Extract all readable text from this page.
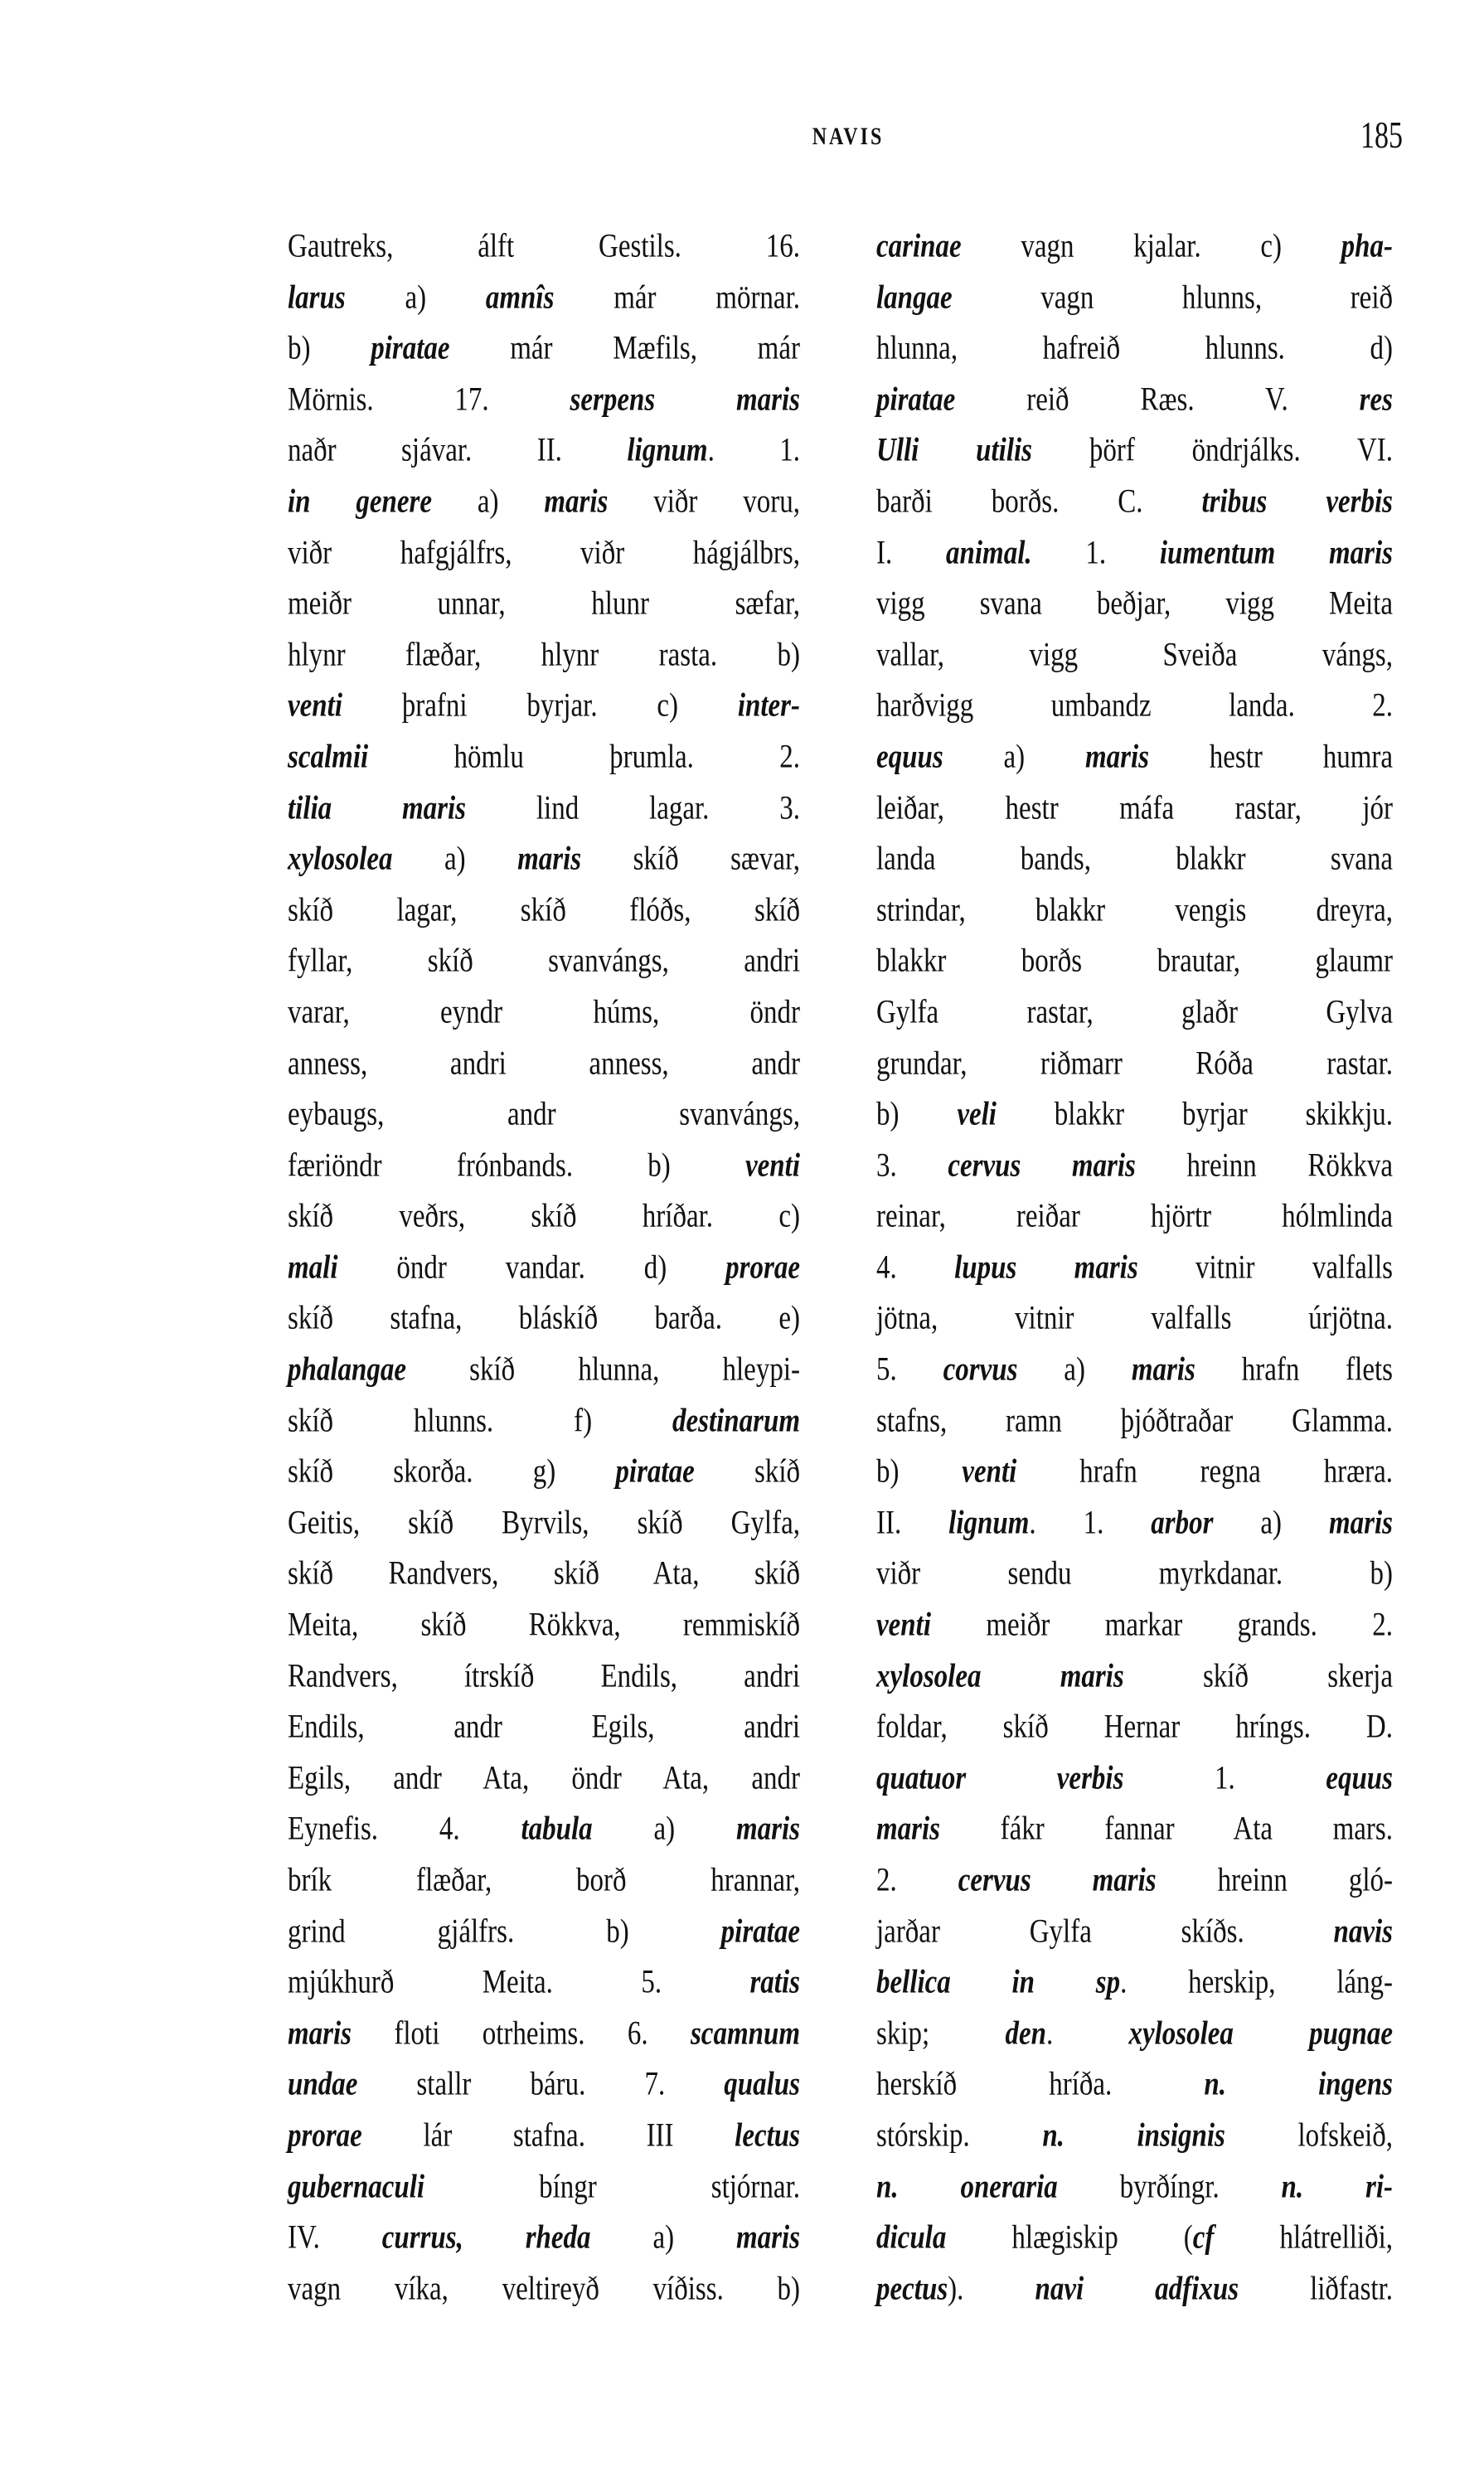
NAVIS	185
Gautreks, álft Gestils. 16.
larus a) amnîs már mörnar.
b) piratae már Mæfils, már
Mörnis. 17. serpens maris
naðr sjávar. II. lignum. 1.
in genere a) maris viðr voru,
viðr hafgjálfrs, viðr hágjálbrs,
meiðr unnar, hlunr sæfar,
hlynr flæðar, hlynr rasta. b)
venti þrafni byrjar. c) inter-
scalmii hömlu þrumla. 2.
tilia maris lind lagar. 3.
xylosolea a) maris skíð sævar,
skíð lagar, skíð flóðs, skíð
fyllar, skíð svanvángs, andri
varar, eyndr húms, öndr
anness, andri anness, andr
eybaugs, andr svanvángs,
færiöndr frónbands. b) venti
skíð veðrs, skíð hríðar. c)
mali öndr vandar. d) prorae
skíð stafna, bláskíð barða. e)
phalangae skíð hlunna, hleypi-
skíð hlunns. f) destinarum
skíð skorða. g) piratae skíð
Geitis, skíð Byrvils, skíð Gylfa,
skíð Randvers, skíð Ata, skíð
Meita, skíð Rökkva, remmiskíð
Randvers, ítrskíð Endils, andri
Endils, andr Egils, andri
Egils, andr Ata, öndr Ata, andr
Eynefis. 4. tabula a) maris
brík flæðar, borð hrannar,
grind gjálfrs. b) piratae
mjúkhurð Meita. 5. ratis
maris floti otrheims. 6. scamnum
undae stallr báru. 7. qualus
prorae lár stafna. III lectus
gubernaculi bíngr stjórnar.
IV. currus, rheda a) maris
vagn víka, veltireyð víðiss. b)
carinae vagn kjalar. c) pha-
langae vagn hlunns, reið
hlunna, hafreið hlunns. d)
piratae reið Ræs. V. res
Ulli utilis þörf öndrjálks. VI.
barði borðs. C. tribus verbis
I. animal. 1. iumentum maris
vigg svana beðjar, vigg Meita
vallar, vigg Sveiða vángs,
harðvigg umbandz landa. 2.
equus a) maris hestr humra
leiðar, hestr máfa rastar, jór
landa bands, blakkr svana
strindar, blakkr vengis dreyra,
blakkr borðs brautar, glaumr
Gylfa rastar, glaðr Gylva
grundar, riðmarr Róða rastar.
b) veli blakkr byrjar skikkju.
3. cervus maris hreinn Rökkva
reinar, reiðar hjörtr hólmlinda
4. lupus maris vitnir valfalls
jötna, vitnir valfalls úrjötna.
5. corvus a) maris hrafn flets
stafns, ramn þjóðtraðar Glamma.
b) venti hrafn regna hræra.
II. lignum. 1. arbor a) maris
viðr sendu myrkdanar. b)
venti meiðr markar grands. 2.
xylosolea maris skíð skerja
foldar, skíð Hernar hríngs. D.
quatuor verbis 1. equus
maris fákr fannar Ata mars.
2. cervus maris hreinn gló-
jarðar Gylfa skíðs. navis
bellica in sp. herskip, láng-
skip; den. xylosolea pugnae
herskíð hríða. n. ingens
stórskip. n. insignis lofskeið,
n. oneraria byrðíngr. n. ri-
dicula hlægiskip (cf hlátrelliði,
pectus). navi adfixus liðfastr.
